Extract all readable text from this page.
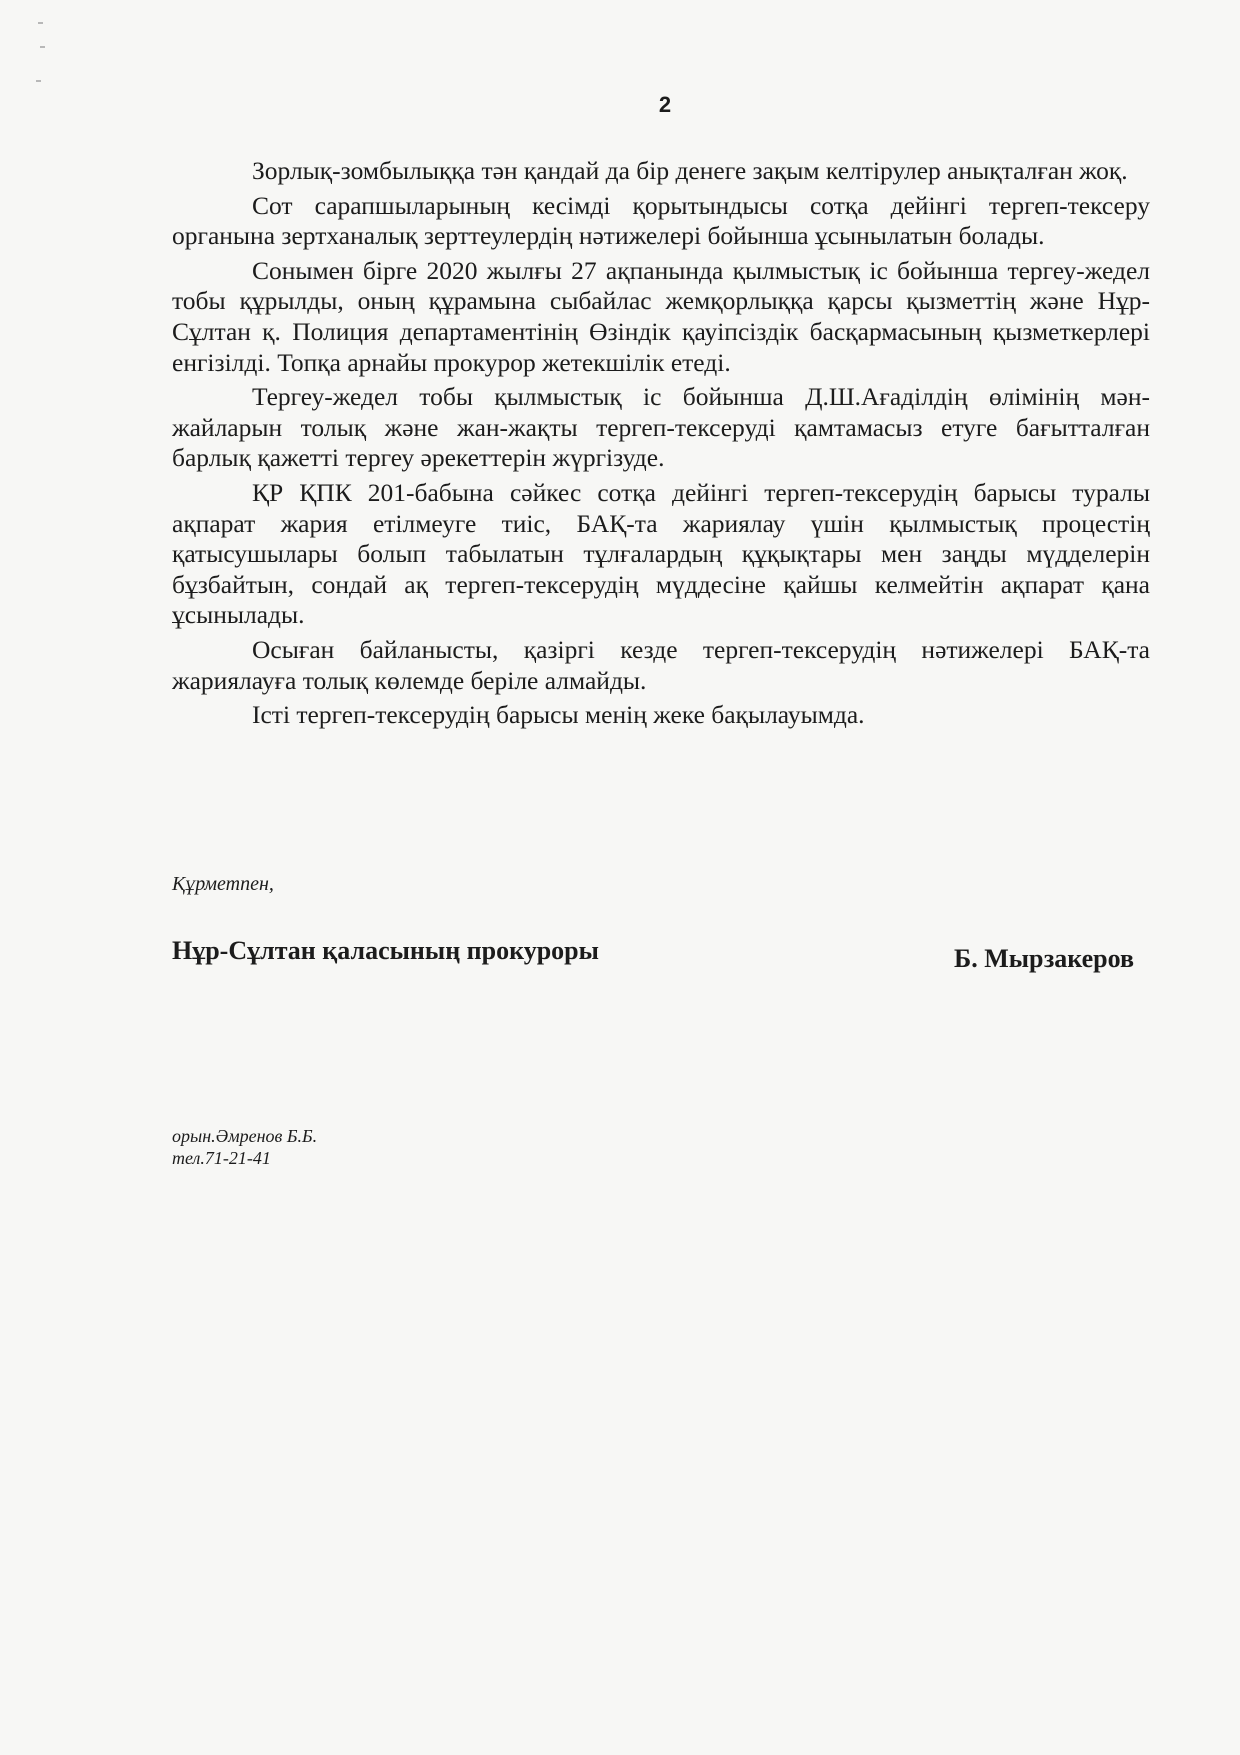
2

Зорлық-зомбылыққа тән қандай да бір денеге зақым келтірулер анықталған жоқ.

Сот сарапшыларының кесімді қорытындысы сотқа дейінгі тергеп-тексеру органына зертханалық зерттеулердің нәтижелері бойынша ұсынылатын болады.

Сонымен бірге 2020 жылғы 27 ақпанында қылмыстық іс бойынша тергеу-жедел тобы құрылды, оның құрамына сыбайлас жемқорлыққа қарсы қызметтің және Нұр-Сұлтан қ. Полиция департаментінің Өзіндік қауіпсіздік басқармасының қызметкерлері енгізілді. Топқа арнайы прокурор жетекшілік етеді.

Тергеу-жедел тобы қылмыстық іс бойынша Д.Ш.Ағаділдің өлімінің мән-жайларын толық және жан-жақты тергеп-тексеруді қамтамасыз етуге бағытталған барлық қажетті тергеу әрекеттерін жүргізуде.

ҚР ҚПК 201-бабына сәйкес сотқа дейінгі тергеп-тексерудің барысы туралы ақпарат жария етілмеуге тиіс, БАҚ-та жариялау үшін қылмыстық процестің қатысушылары болып табылатын тұлғалардың құқықтары мен заңды мүдделерін бұзбайтын, сондай ақ тергеп-тексерудің мүддесіне қайшы келмейтін ақпарат қана ұсынылады.

Осыған байланысты, қазіргі кезде тергеп-тексерудің нәтижелері БАҚ-та жариялауға толық көлемде беріле алмайды.

Істі тергеп-тексерудің барысы менің жеке бақылауымда.

Құрметпен,
Нұр-Сұлтан қаласының прокуроры	Б. Мырзакеров
орын.Әмренов Б.Б.
тел.71-21-41
